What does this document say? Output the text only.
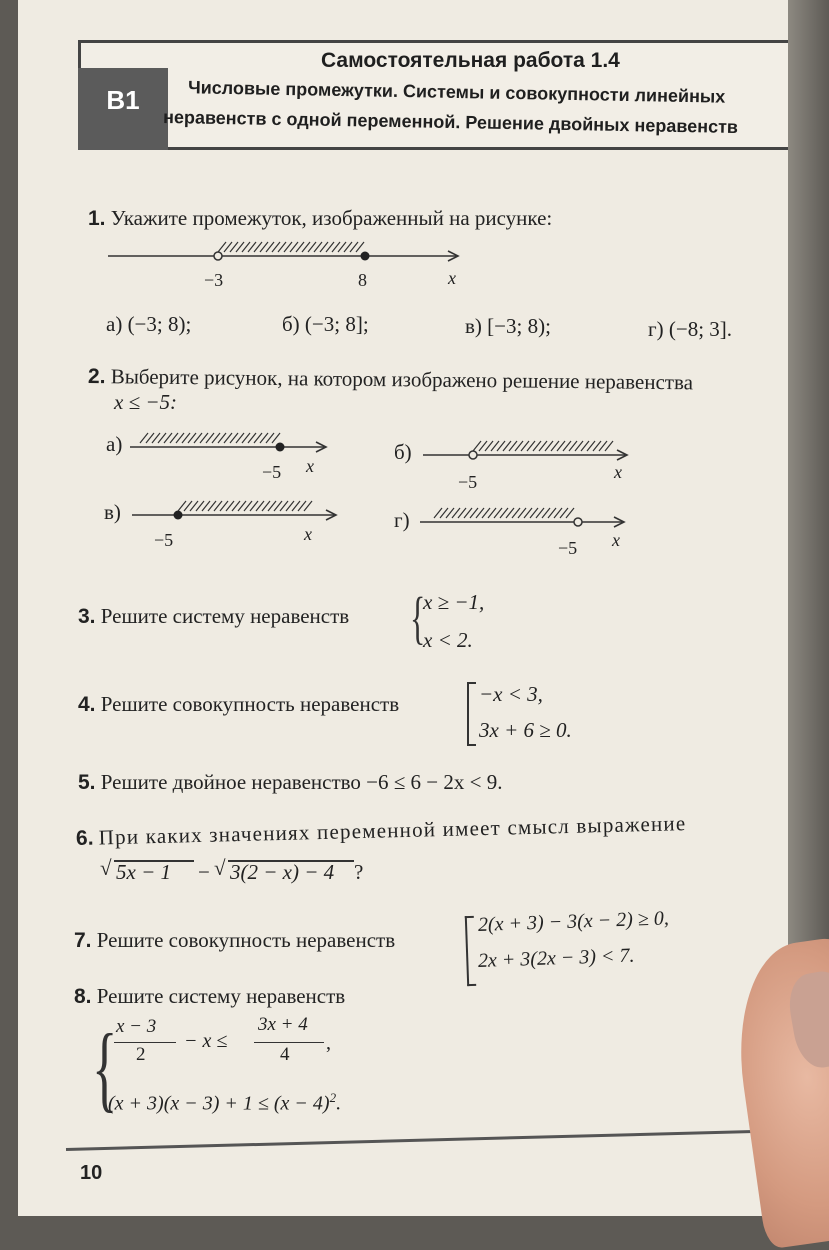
В1
Самостоятельная работа 1.4
Числовые промежутки. Системы и совокупности линейных
неравенств с одной переменной. Решение двойных неравенств
1. Укажите промежуток, изображенный на рисунке:
−3	8	x
а) (−3; 8);	б) (−3; 8];	в) [−3; 8);	г) (−8; 3].
2. Выберите рисунок, на котором изображено решение неравенства
x ≤ −5:
а)
−5 x
б)
−5	x
в)
−5	x
г)
−5 x
3. Решите систему неравенств {
x ≥ −1,
x < 2.
4. Решите совокупность неравенств	−x < 3,
3x + 6 ≥ 0.
5. Решите двойное неравенство −6 ≤ 6 − 2x < 9.
6. При каких значениях переменной имеет смысл выражение
√ 5x − 1 − √ 3(2 − x) − 4 ?
7. Решите совокупность неравенств
2(x + 3) − 3(x − 2) ≥ 0,
2x + 3(2x − 3) < 7.
8. Решите систему неравенств
{
x − 3
2
− x ≤
3x + 4
4
,
$(x + 3)(x - 3) + 1 \le (x - 4)^2$.
10
